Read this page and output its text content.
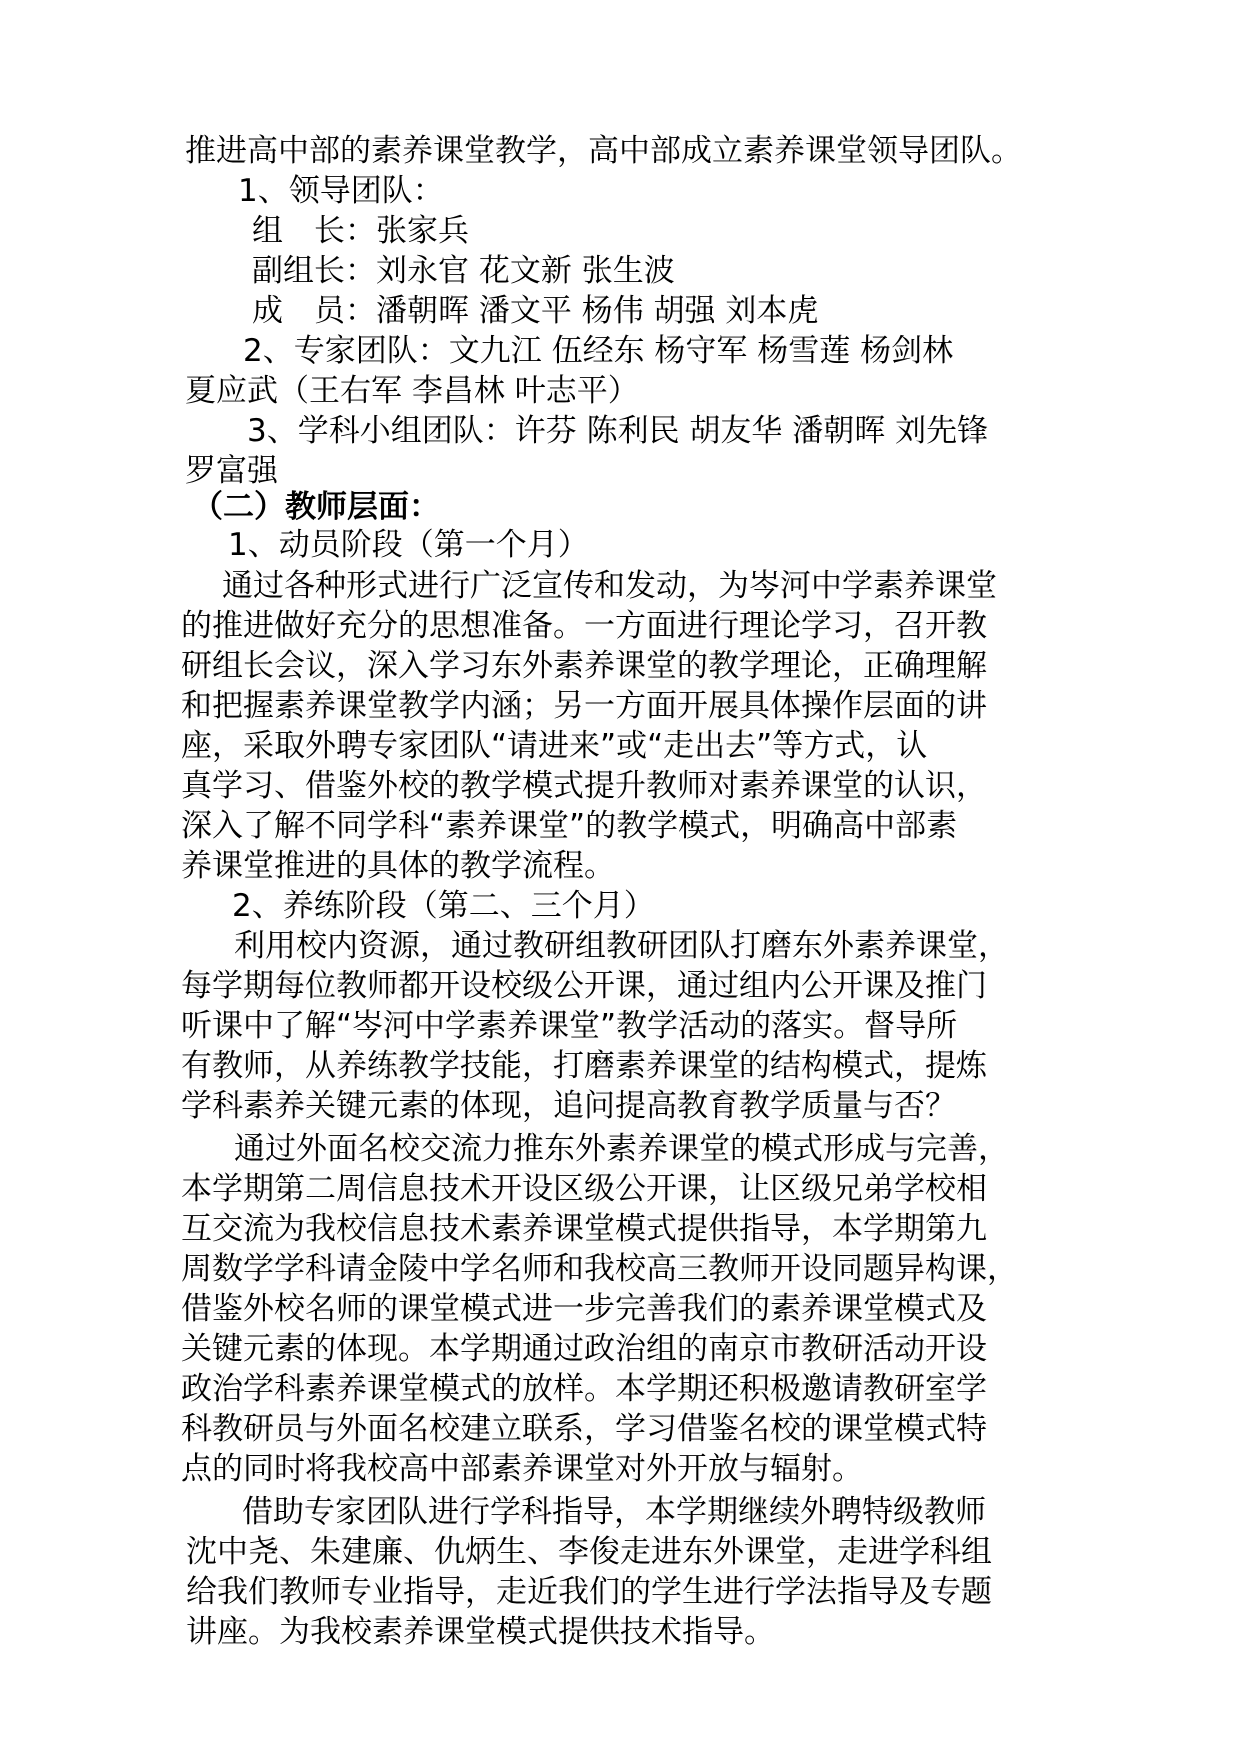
推进高中部的素养课堂教学，高中部成立素养课堂领导团队。
1、领导团队：
组　长：张家兵
副组长：刘永官 花文新 张生波
成　员：潘朝晖 潘文平 杨伟 胡强 刘本虎
2、专家团队：文九江 伍经东 杨守军 杨雪莲 杨剑林
夏应武（王右军 李昌林 叶志平）
3、学科小组团队：许芬 陈利民 胡友华 潘朝晖 刘先锋
罗富强
（二）教师层面：
1、动员阶段（第一个月）
通过各种形式进行广泛宣传和发动，为岑河中学素养课堂
的推进做好充分的思想准备。一方面进行理论学习，召开教
研组长会议，深入学习东外素养课堂的教学理论，正确理解
和把握素养课堂教学内涵；另一方面开展具体操作层面的讲
座，采取外聘专家团队“请进来”或“走出去”等方式，认
真学习、借鉴外校的教学模式提升教师对素养课堂的认识，
深入了解不同学科“素养课堂”的教学模式，明确高中部素
养课堂推进的具体的教学流程。
2、养练阶段（第二、三个月）
利用校内资源，通过教研组教研团队打磨东外素养课堂，
每学期每位教师都开设校级公开课，通过组内公开课及推门
听课中了解“岑河中学素养课堂”教学活动的落实。督导所
有教师，从养练教学技能，打磨素养课堂的结构模式，提炼
学科素养关键元素的体现，追问提高教育教学质量与否？
通过外面名校交流力推东外素养课堂的模式形成与完善，
本学期第二周信息技术开设区级公开课，让区级兄弟学校相
互交流为我校信息技术素养课堂模式提供指导，本学期第九
周数学学科请金陵中学名师和我校高三教师开设同题异构课，
借鉴外校名师的课堂模式进一步完善我们的素养课堂模式及
关键元素的体现。本学期通过政治组的南京市教研活动开设
政治学科素养课堂模式的放样。本学期还积极邀请教研室学
科教研员与外面名校建立联系，学习借鉴名校的课堂模式特
点的同时将我校高中部素养课堂对外开放与辐射。
借助专家团队进行学科指导，本学期继续外聘特级教师
沈中尧、朱建廉、仇炳生、李俊走进东外课堂，走进学科组
给我们教师专业指导，走近我们的学生进行学法指导及专题
讲座。为我校素养课堂模式提供技术指导。
